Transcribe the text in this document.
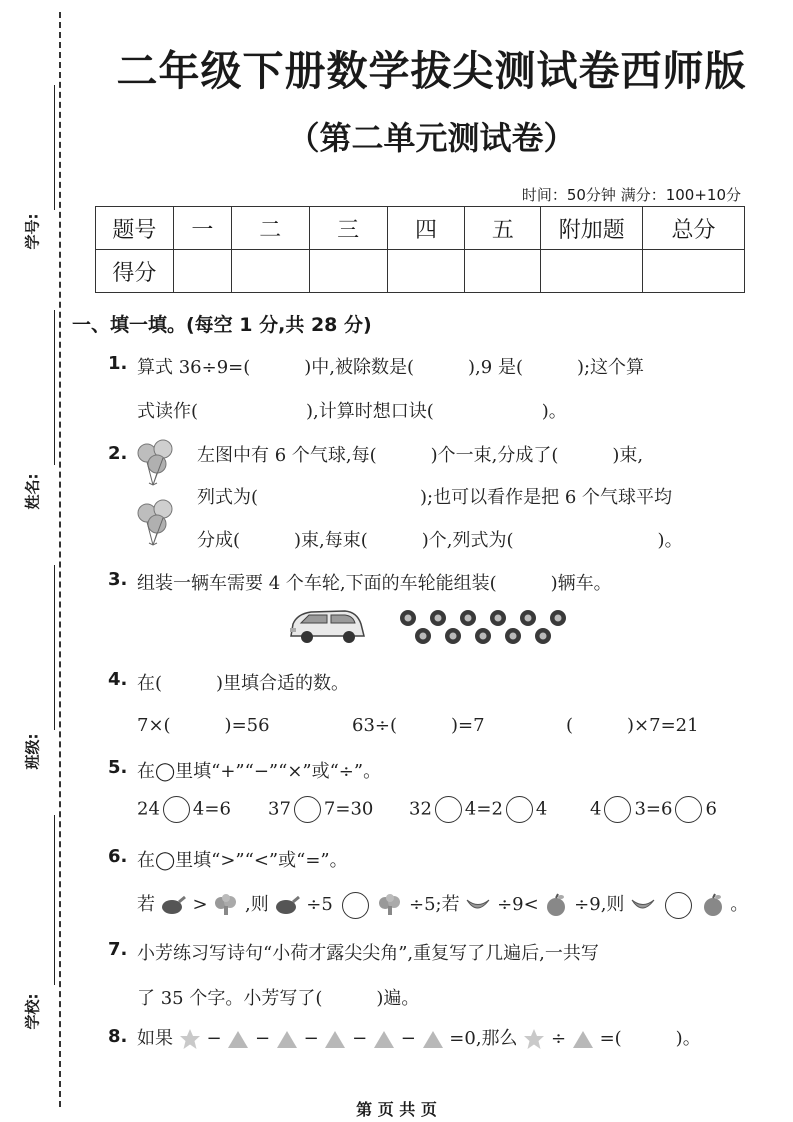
学号:
姓名:
班级:
学校:
二年级下册数学拔尖测试卷西师版
（第二单元测试卷）
时间：50分钟 满分：100+10分
题号	一	二	三	四	五	附加题	总分
得分							
一、填一填。(每空 1 分,共 28 分)
1. 算式 36÷9=(　　　)中,被除数是(　　　),9 是(　　　);这个算
式读作(　　　　　　),计算时想口诀(　　　　　　)。
2.	左图中有 6 个气球,每(　　　)个一束,分成了(　　　)束,
列式为(　　　　　　　　　);也可以看作是把 6 个气球平均
分成(　　　)束,每束(　　　)个,列式为(　　　　　　　　)。
3. 组装一辆车需要 4 个车轮,下面的车轮能组装(　　　)辆车。
4. 在(　　　)里填合适的数。
7×(　　　)=56	63÷(　　　)=7	(　　　)×7=21
5. 在◯里填“+”“−”“×”或“÷”。
24 4=6 37 7=30 32 4=2 4 4 3=6 6
6. 在◯里填“>”“<”或“=”。
若 > ,则 ÷5	÷5;若 ÷9< ÷9,则	。
7. 小芳练习写诗句“小荷才露尖尖角”,重复写了几遍后,一共写
了 35 个字。小芳写了(　　　)遍。
8. 如果 − − − − − =0,那么 ÷ =(　　　)。
第 页 共 页
